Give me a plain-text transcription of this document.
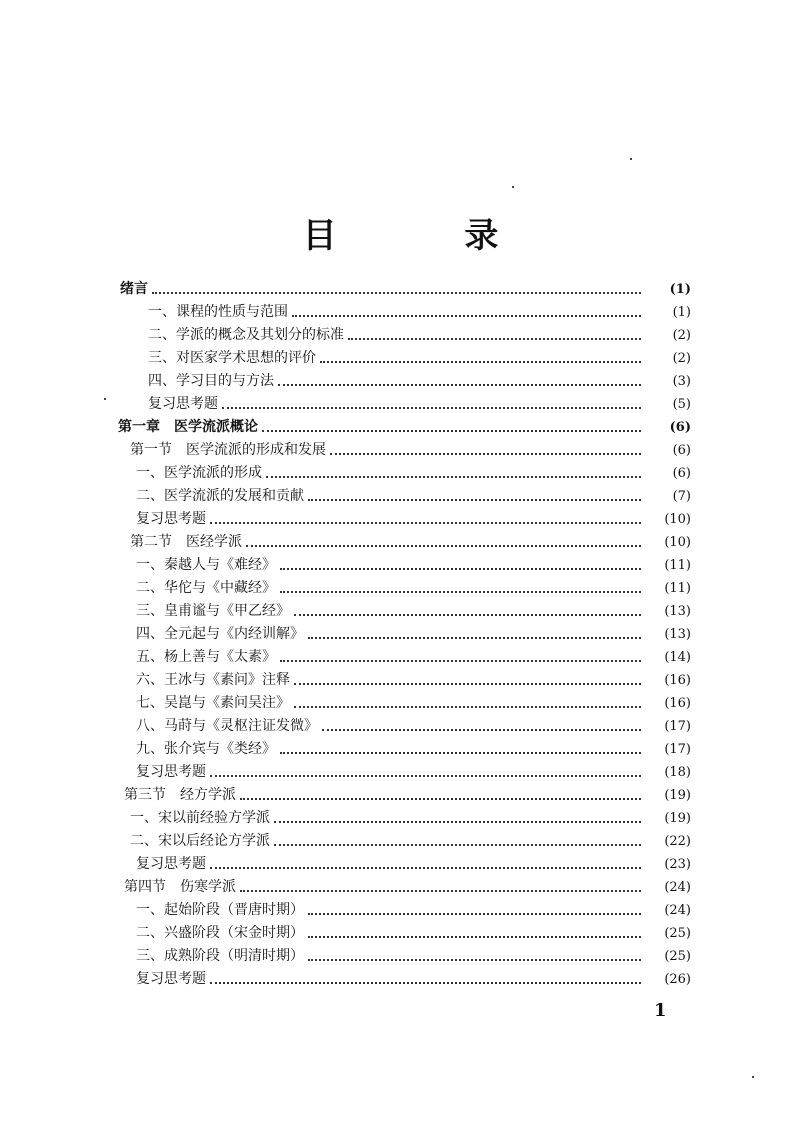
目 录
绪言	(1)
一、课程的性质与范围	(1)
二、学派的概念及其划分的标准	(2)
三、对医家学术思想的评价	(2)
四、学习目的与方法	(3)
复习思考题	(5)
第一章　医学流派概论	(6)
第一节　医学流派的形成和发展	(6)
一、医学流派的形成	(6)
二、医学流派的发展和贡献	(7)
复习思考题	(10)
第二节　医经学派	(10)
一、秦越人与《难经》	(11)
二、华佗与《中藏经》	(11)
三、皇甫谧与《甲乙经》	(13)
四、全元起与《内经训解》	(13)
五、杨上善与《太素》	(14)
六、王冰与《素问》注释	(16)
七、吴崑与《素问吴注》	(16)
八、马莳与《灵枢注证发微》	(17)
九、张介宾与《类经》	(17)
复习思考题	(18)
第三节　经方学派	(19)
一、宋以前经验方学派	(19)
二、宋以后经论方学派	(22)
复习思考题	(23)
第四节　伤寒学派	(24)
一、起始阶段（晋唐时期）	(24)
二、兴盛阶段（宋金时期）	(25)
三、成熟阶段（明清时期）	(25)
复习思考题	(26)
1
